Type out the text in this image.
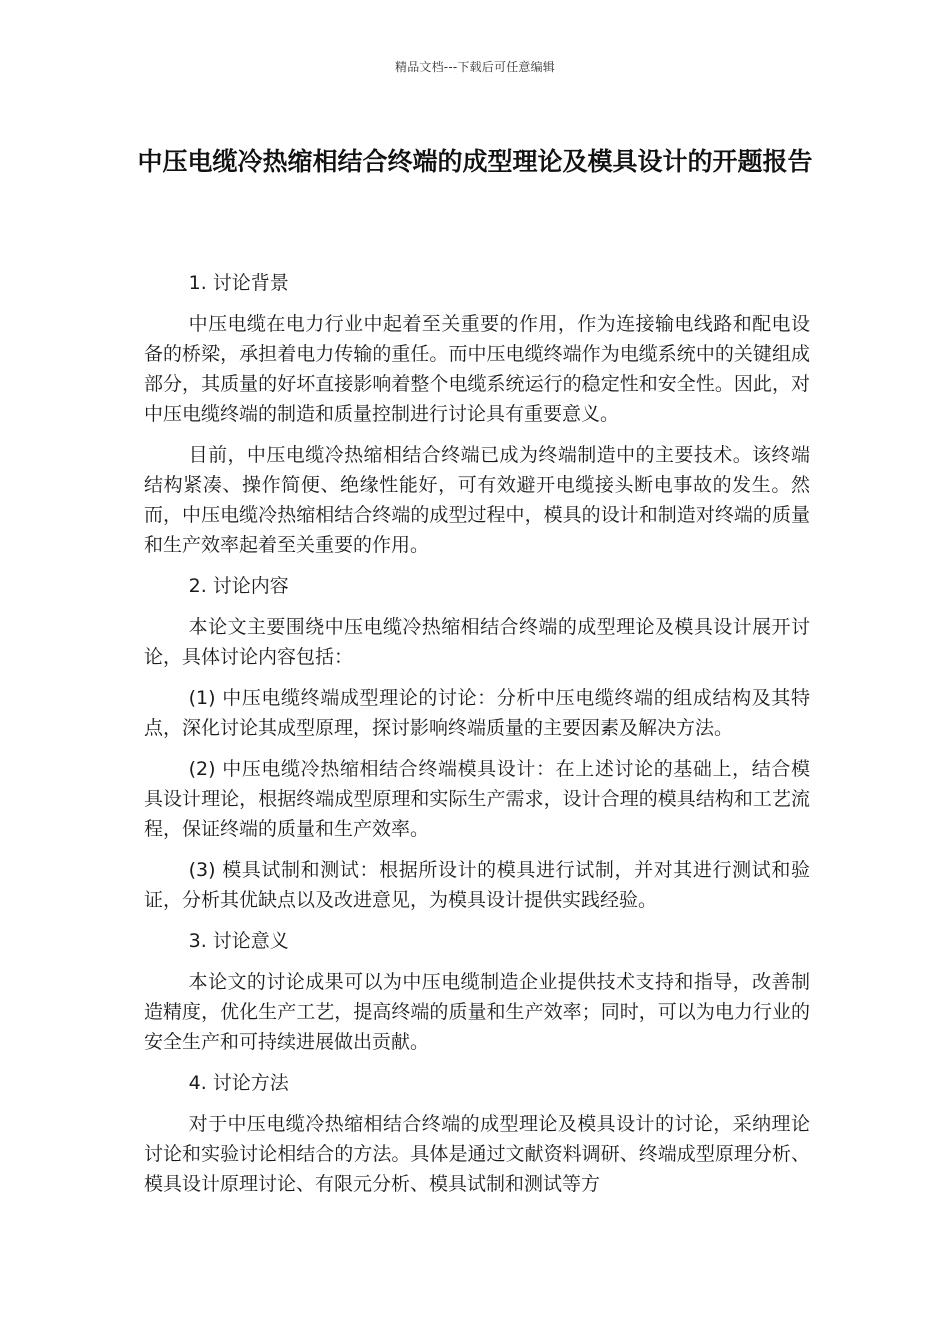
精品文档---下载后可任意编辑
中压电缆冷热缩相结合终端的成型理论及模具设计的开题报告

1. 讨论背景

中压电缆在电力行业中起着至关重要的作用，作为连接输电线路和配电设备的桥梁，承担着电力传输的重任。而中压电缆终端作为电缆系统中的关键组成部分，其质量的好坏直接影响着整个电缆系统运行的稳定性和安全性。因此，对中压电缆终端的制造和质量控制进行讨论具有重要意义。

目前，中压电缆冷热缩相结合终端已成为终端制造中的主要技术。该终端结构紧凑、操作简便、绝缘性能好，可有效避开电缆接头断电事故的发生。然而，中压电缆冷热缩相结合终端的成型过程中，模具的设计和制造对终端的质量和生产效率起着至关重要的作用。

2. 讨论内容

本论文主要围绕中压电缆冷热缩相结合终端的成型理论及模具设计展开讨论，具体讨论内容包括：

(1) 中压电缆终端成型理论的讨论：分析中压电缆终端的组成结构及其特点，深化讨论其成型原理，探讨影响终端质量的主要因素及解决方法。

(2) 中压电缆冷热缩相结合终端模具设计：在上述讨论的基础上，结合模具设计理论，根据终端成型原理和实际生产需求，设计合理的模具结构和工艺流程，保证终端的质量和生产效率。

(3) 模具试制和测试：根据所设计的模具进行试制，并对其进行测试和验证，分析其优缺点以及改进意见，为模具设计提供实践经验。

3. 讨论意义

本论文的讨论成果可以为中压电缆制造企业提供技术支持和指导，改善制造精度，优化生产工艺，提高终端的质量和生产效率；同时，可以为电力行业的安全生产和可持续进展做出贡献。

4. 讨论方法

对于中压电缆冷热缩相结合终端的成型理论及模具设计的讨论，采纳理论讨论和实验讨论相结合的方法。具体是通过文献资料调研、终端成型原理分析、模具设计原理讨论、有限元分析、模具试制和测试等方
